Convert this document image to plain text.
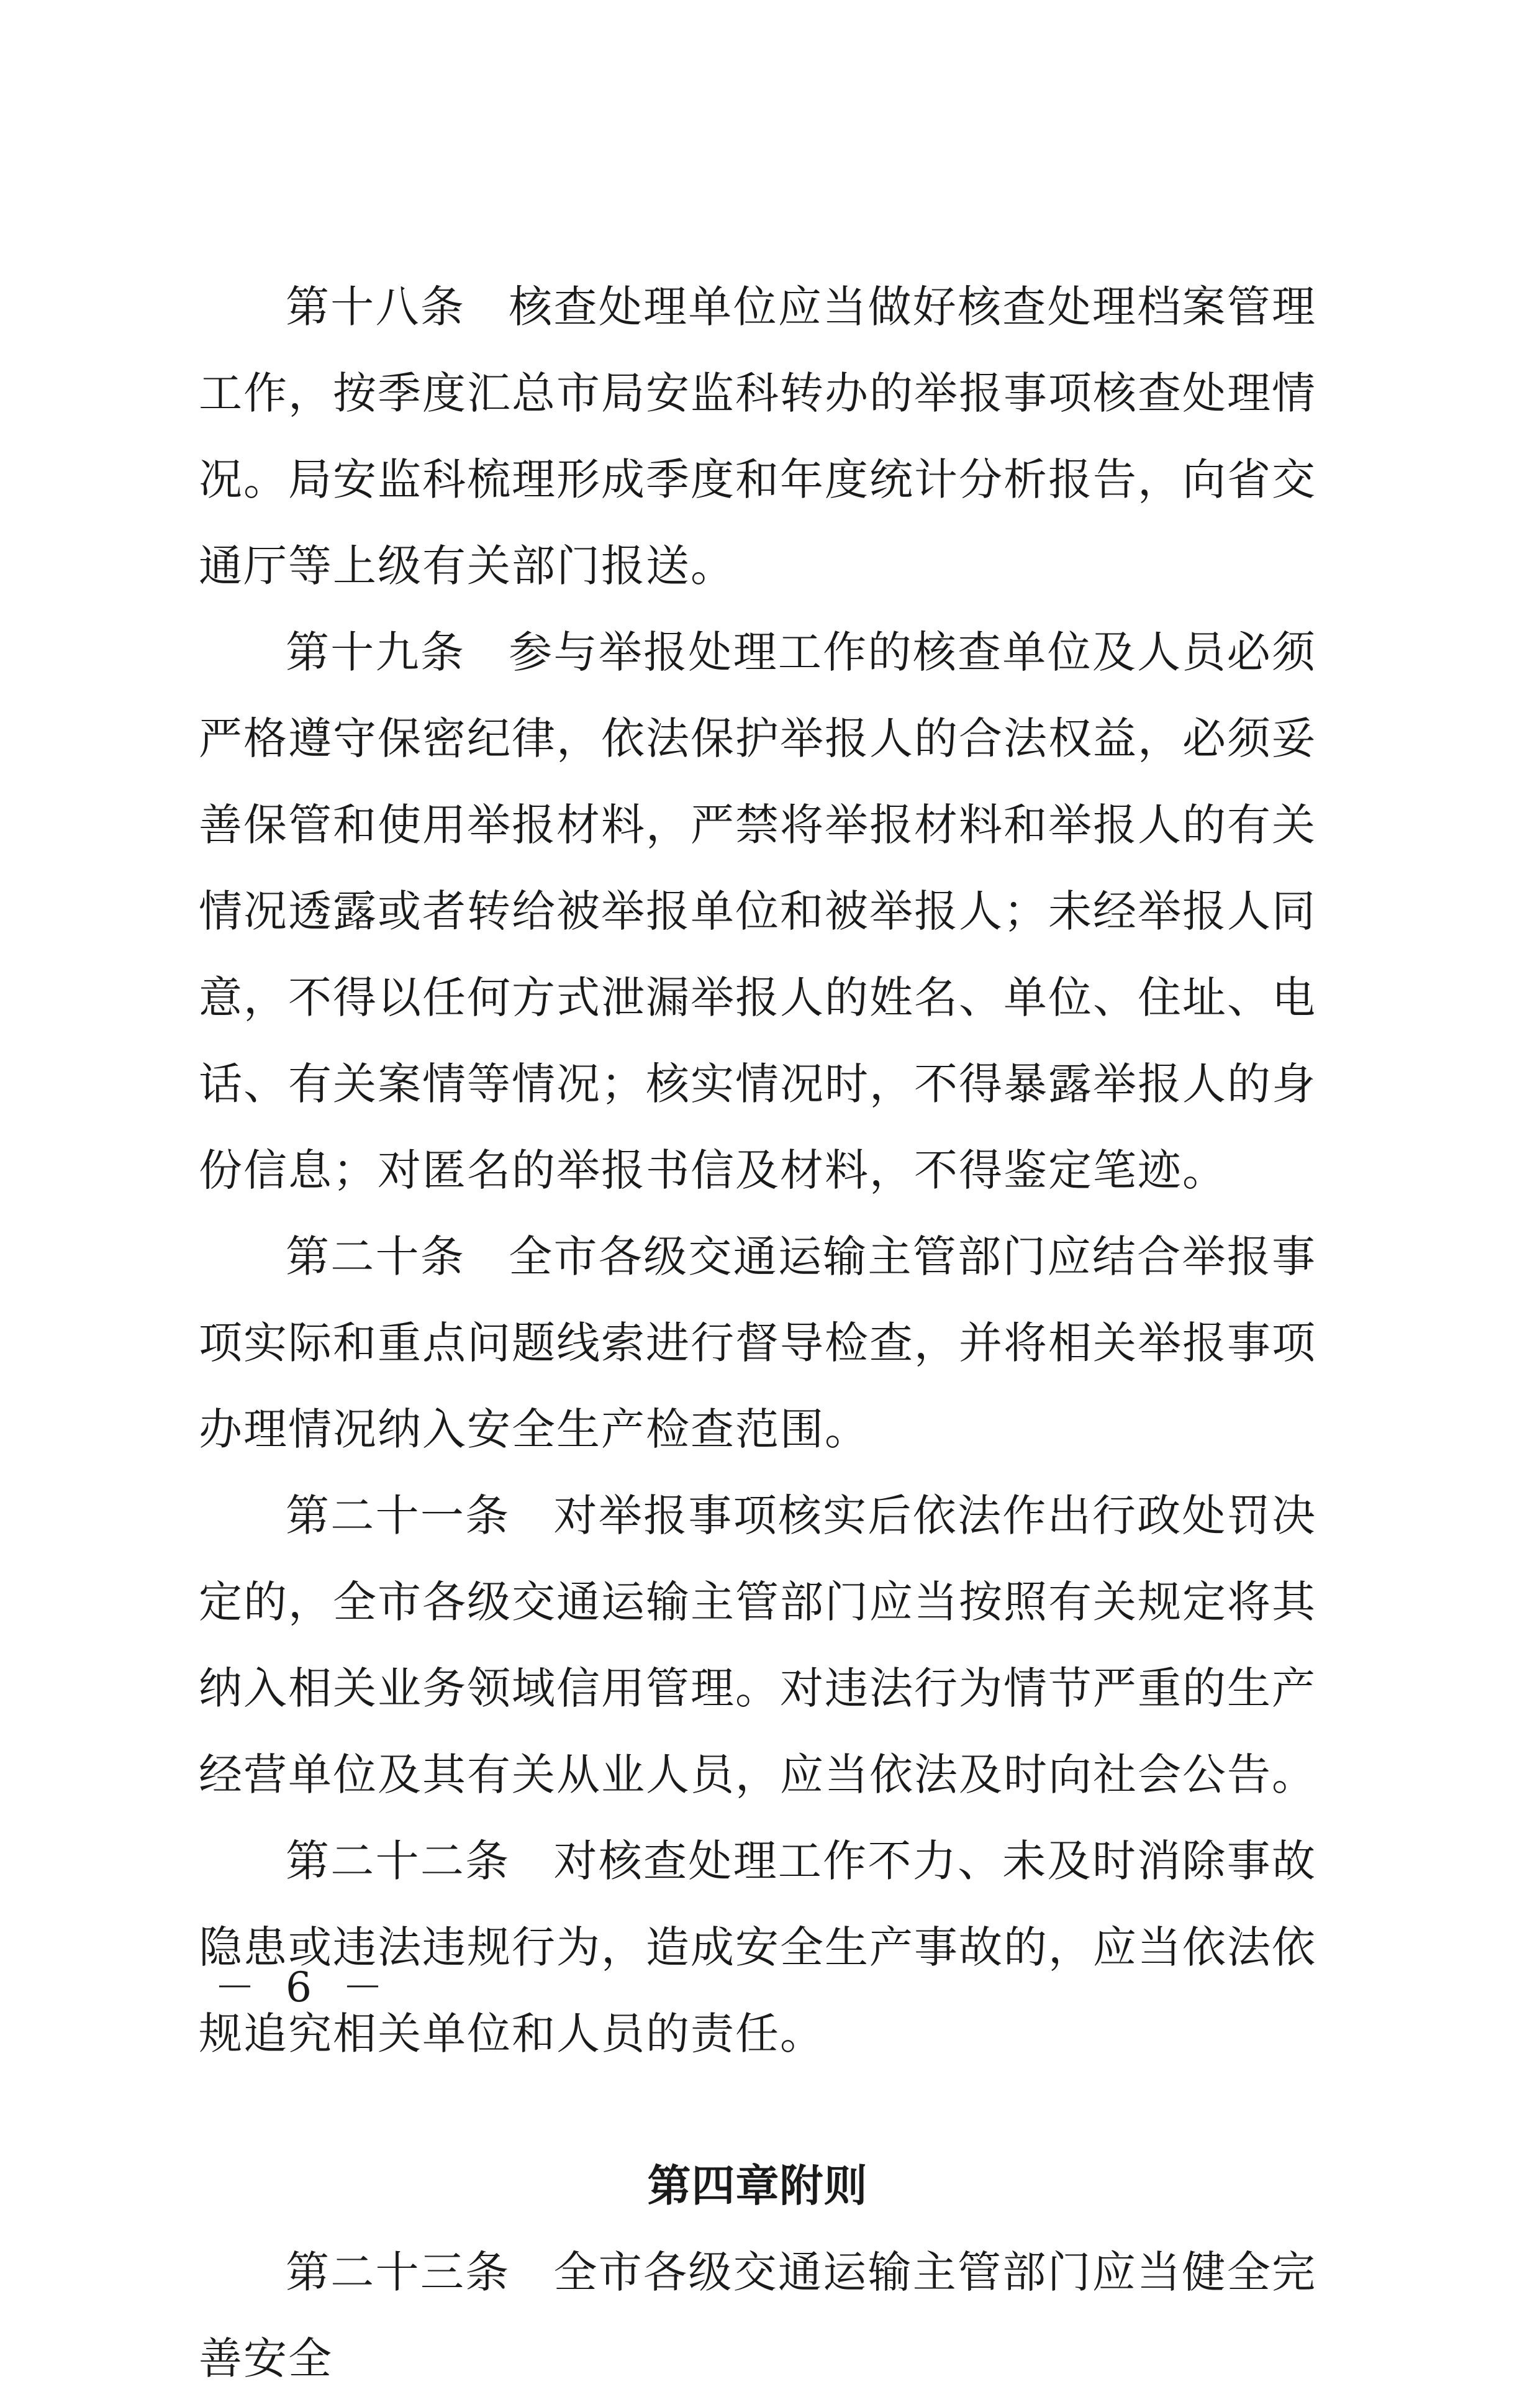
第十八条 核查处理单位应当做好核查处理档案管理工作，按季度汇总市局安监科转办的举报事项核查处理情况。局安监科梳理形成季度和年度统计分析报告，向省交通厅等上级有关部门报送。

第十九条 参与举报处理工作的核查单位及人员必须严格遵守保密纪律，依法保护举报人的合法权益，必须妥善保管和使用举报材料，严禁将举报材料和举报人的有关情况透露或者转给被举报单位和被举报人；未经举报人同意，不得以任何方式泄漏举报人的姓名、单位、住址、电话、有关案情等情况；核实情况时，不得暴露举报人的身份信息；对匿名的举报书信及材料，不得鉴定笔迹。

第二十条 全市各级交通运输主管部门应结合举报事项实际和重点问题线索进行督导检查，并将相关举报事项办理情况纳入安全生产检查范围。

第二十一条 对举报事项核实后依法作出行政处罚决定的，全市各级交通运输主管部门应当按照有关规定将其纳入相关业务领域信用管理。对违法行为情节严重的生产经营单位及其有关从业人员，应当依法及时向社会公告。

第二十二条 对核查处理工作不力、未及时消除事故隐患或违法违规行为，造成安全生产事故的，应当依法依规追究相关单位和人员的责任。

第四章附则

第二十三条 全市各级交通运输主管部门应当健全完善安全

－ 6 －
